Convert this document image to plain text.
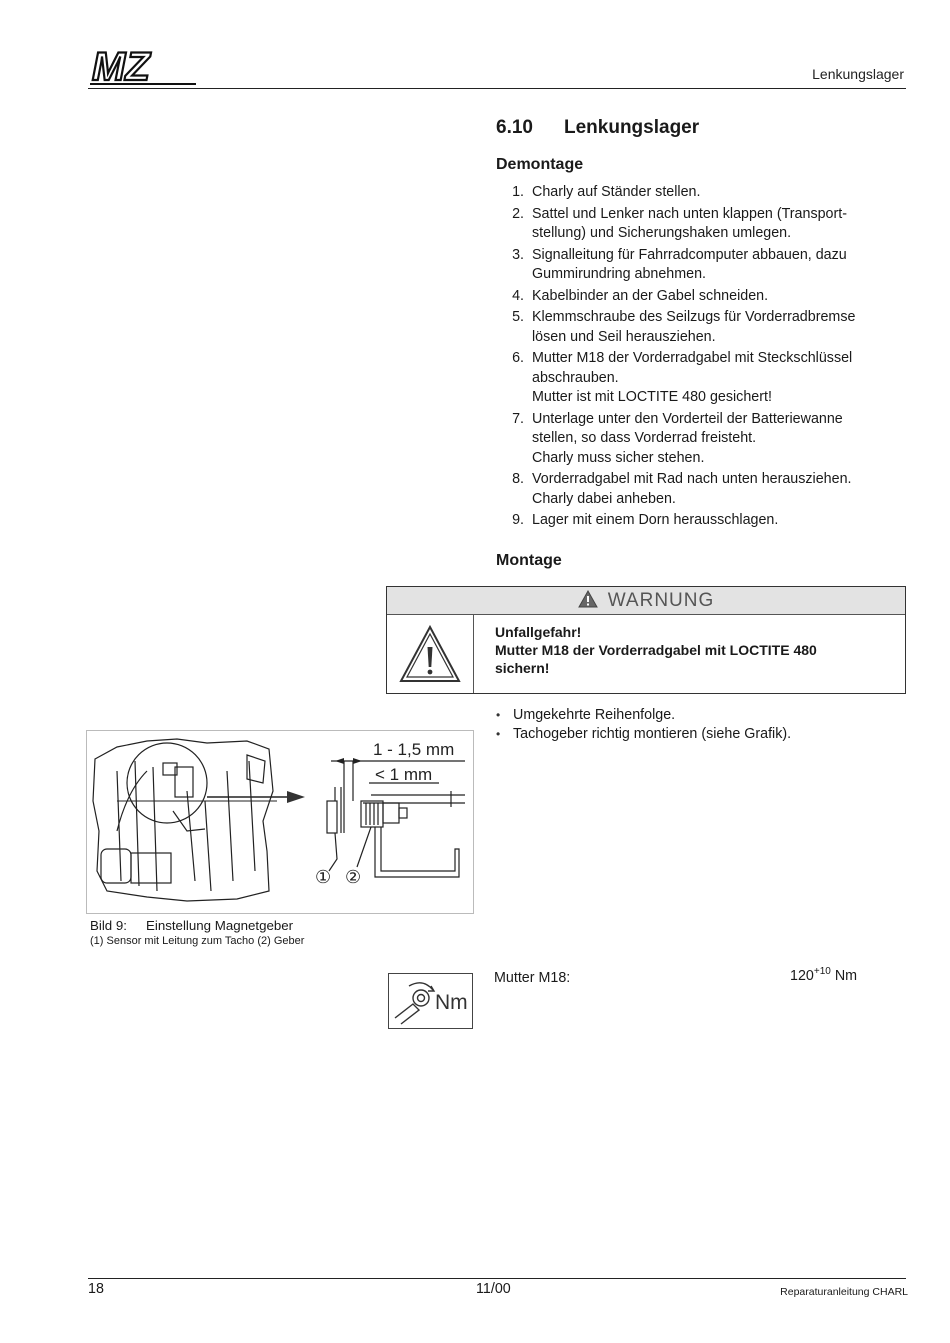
MZ	Lenkungslager
6.10 Lenkungslager
Demontage
1. Charly auf Ständer stellen.
2. Sattel und Lenker nach unten klappen (Transport-
stellung) und Sicherungshaken umlegen.
3. Signalleitung für Fahrradcomputer abbauen, dazu
Gummirundring abnehmen.
4. Kabelbinder an der Gabel schneiden.
5. Klemmschraube des Seilzugs für Vorderradbremse
lösen und Seil herausziehen.
6. Mutter M18 der Vorderradgabel mit Steckschlüssel
abschrauben.
Mutter ist mit LOCTITE 480 gesichert!
7. Unterlage unter den Vorderteil der Batteriewanne
stellen, so dass Vorderrad freisteht.
Charly muss sicher stehen.
8. Vorderradgabel mit Rad nach unten herausziehen.
Charly dabei anheben.
9. Lager mit einem Dorn herausschlagen.
Montage
WARNUNG
Unfallgefahr!
Mutter M18 der Vorderradgabel mit LOCTITE 480
sichern!
• Umgekehrte Reihenfolge.
• Tachogeber richtig montieren (siehe Grafik).
1 - 1,5 mm
< 1 mm
① ②
Bild 9: Einstellung Magnetgeber
(1) Sensor mit Leitung zum Tacho (2) Geber
Nm
Mutter M18:	$120^{+10}$ Nm
18	11/00	Reparaturanleitung CHARL
